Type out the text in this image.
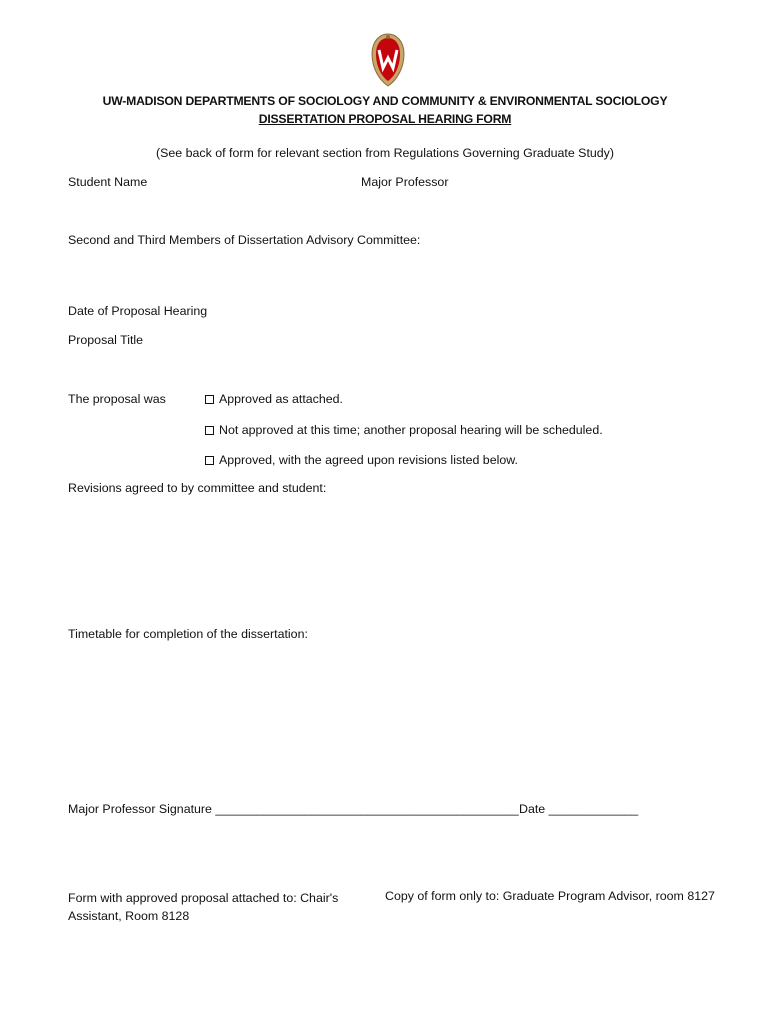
UW-MADISON DEPARTMENTS OF SOCIOLOGY AND COMMUNITY & ENVIRONMENTAL SOCIOLOGY
DISSERTATION PROPOSAL HEARING FORM
(See back of form for relevant section from Regulations Governing Graduate Study)
Student Name	Major Professor
Second and Third Members of Dissertation Advisory Committee:
Date of Proposal Hearing
Proposal Title
The proposal was	Approved as attached.
Not approved at this time; another proposal hearing will be scheduled.
Approved, with the agreed upon revisions listed below.
Revisions agreed to by committee and student:
Timetable for completion of the dissertation:
Major Professor Signature ____________________________________________ Date _____________
Form with approved proposal attached to: Chair's Assistant, Room 8128
Copy of form only to: Graduate Program Advisor, room 8127
